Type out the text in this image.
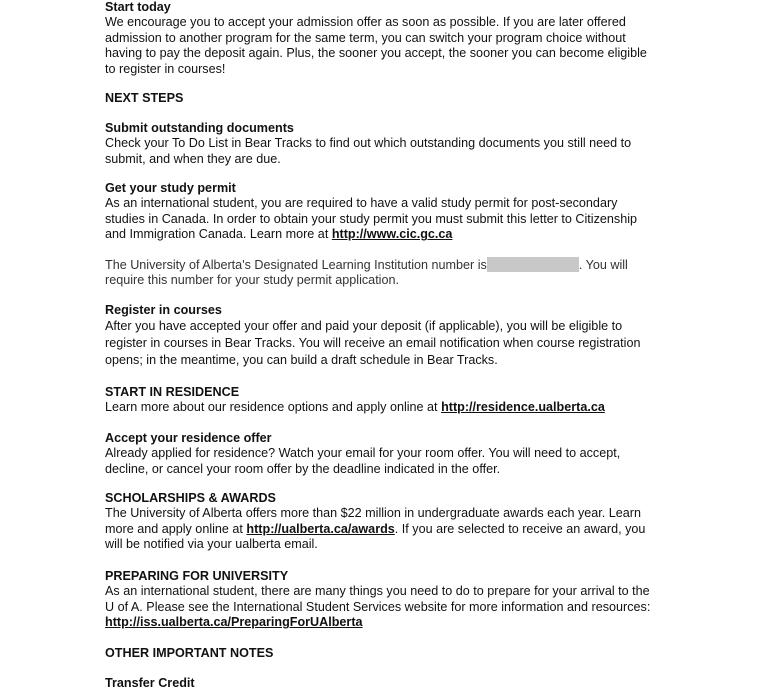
Start today
We encourage you to accept your admission offer as soon as possible. If you are later offered
admission to another program for the same term, you can switch your program choice without
having to pay the deposit again. Plus, the sooner you accept, the sooner you can become eligible
to register in courses!
NEXT STEPS
Submit outstanding documents
Check your To Do List in Bear Tracks to find out which outstanding documents you still need to
submit, and when they are due.
Get your study permit
As an international student, you are required to have a valid study permit for post-secondary
studies in Canada. In order to obtain your study permit you must submit this letter to Citizenship
and Immigration Canada. Learn more at http://www.cic.gc.ca
The University of Alberta's Designated Learning Institution number is	. You will
require this number for your study permit application.
Register in courses
After you have accepted your offer and paid your deposit (if applicable), you will be eligible to
register in courses in Bear Tracks. You will receive an email notification when course registration
opens; in the meantime, you can build a draft schedule in Bear Tracks.
START IN RESIDENCE
Learn more about our residence options and apply online at http://residence.ualberta.ca
Accept your residence offer
Already applied for residence? Watch your email for your room offer. You will need to accept,
decline, or cancel your room offer by the deadline indicated in the offer.
SCHOLARSHIPS & AWARDS
The University of Alberta offers more than $22 million in undergraduate awards each year. Learn
more and apply online at http://ualberta.ca/awards. If you are selected to receive an award, you
will be notified via your ualberta email.
PREPARING FOR UNIVERSITY
As an international student, there are many things you need to do to prepare for your arrival to the
U of A. Please see the International Student Services website for more information and resources:
http://iss.ualberta.ca/PreparingForUAlberta
OTHER IMPORTANT NOTES
Transfer Credit
